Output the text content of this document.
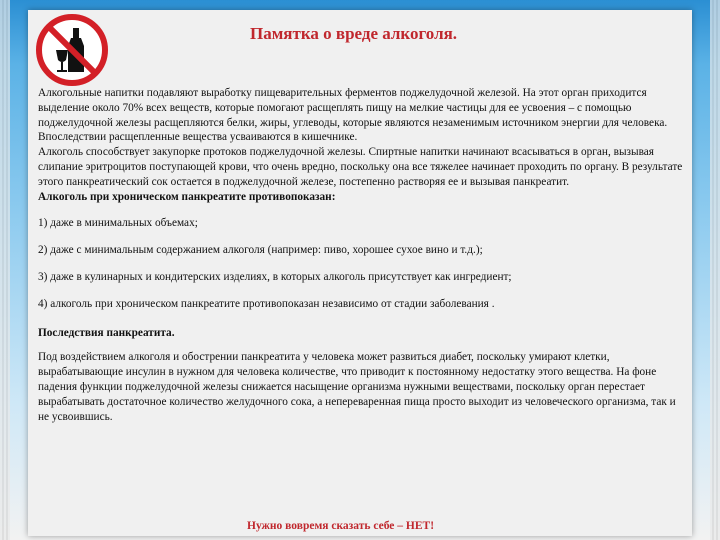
Памятка о вреде алкоголя.

Алкогольные напитки подавляют выработку пищеварительных ферментов поджелудочной железой. На этот орган приходится выделение около 70% всех веществ, которые помогают расщеплять пищу на мелкие частицы для ее усвоения – с помощью поджелудочной железы расщепляются белки, жиры, углеводы, которые являются незаменимым источником энергии для человека. Впоследствии расщепленные вещества усваиваются в кишечнике.

Алкоголь способствует закупорке протоков поджелудочной железы. Спиртные напитки начинают всасываться в орган, вызывая слипание эритроцитов поступающей крови, что очень вредно, поскольку она все тяжелее начинает проходить по органу. В результате этого панкреатический сок остается в поджелудочной железе, постепенно растворяя ее и вызывая панкреатит.

Алкоголь при хроническом панкреатите противопоказан:

1) даже в минимальных объемах;

2) даже с минимальным содержанием алкоголя (например: пиво, хорошее сухое вино и т.д.);

3) даже в кулинарных и кондитерских изделиях, в которых алкоголь присутствует как ингредиент;

4) алкоголь при хроническом панкреатите противопоказан независимо от стадии заболевания .

Последствия панкреатита.

Под воздействием алкоголя и обострении панкреатита у человека может развиться диабет, поскольку умирают клетки, вырабатывающие инсулин в нужном для человека количестве, что приводит к постоянному недостатку этого вещества. На фоне падения функции поджелудочной железы снижается насыщение организма нужными веществами, поскольку орган перестает вырабатывать достаточное количество желудочного сока, а непереваренная пища просто выходит из человеческого организма, так и не усвоившись.

Нужно вовремя сказать себе – НЕТ!
